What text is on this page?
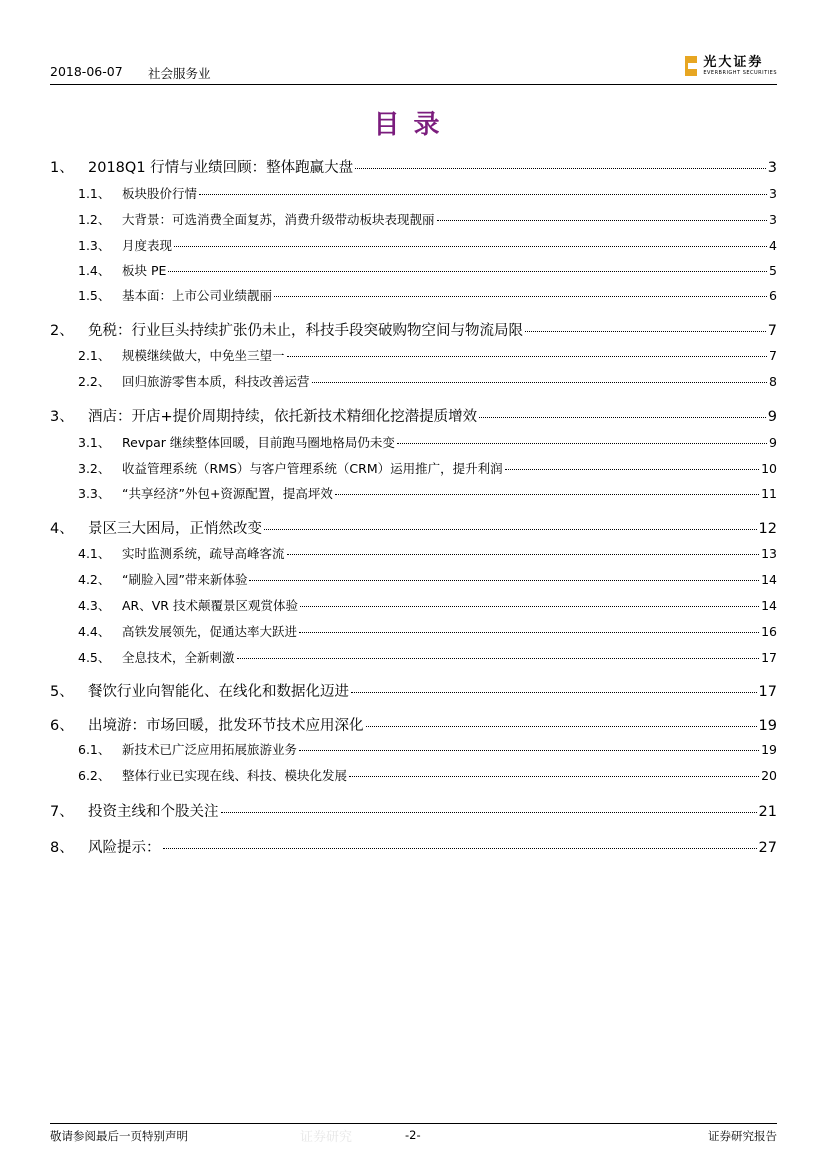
2018-06-07 社会服务业
光大证券
EVERBRIGHT SECURITIES
目录
1、 2018Q1 行情与业绩回顾：整体跑赢大盘	3
1.1、 板块股价行情	3
1.2、 大背景：可选消费全面复苏，消费升级带动板块表现靓丽	3
1.3、 月度表现	4
1.4、 板块 PE	5
1.5、 基本面：上市公司业绩靓丽	6
2、 免税：行业巨头持续扩张仍未止，科技手段突破购物空间与物流局限	7
2.1、 规模继续做大，中免坐三望一	7
2.2、 回归旅游零售本质，科技改善运营	8
3、 酒店：开店+提价周期持续，依托新技术精细化挖潜提质增效	9
3.1、 Revpar 继续整体回暖，目前跑马圈地格局仍未变	9
3.2、 收益管理系统（RMS）与客户管理系统（CRM）运用推广，提升利润	10
3.3、 “共享经济”外包+资源配置，提高坪效	11
4、 景区三大困局，正悄然改变	12
4.1、 实时监测系统，疏导高峰客流	13
4.2、 “刷脸入园”带来新体验	14
4.3、 AR、VR 技术颠覆景区观赏体验	14
4.4、 高铁发展领先，促通达率大跃进	16
4.5、 全息技术，全新刺激	17
5、 餐饮行业向智能化、在线化和数据化迈进	17
6、 出境游：市场回暖，批发环节技术应用深化	19
6.1、 新技术已广泛应用拓展旅游业务	19
6.2、 整体行业已实现在线、科技、模块化发展	20
7、 投资主线和个股关注	21
8、 风险提示：	27
敬请参阅最后一页特别声明	证券研究	-2-	证券研究报告
